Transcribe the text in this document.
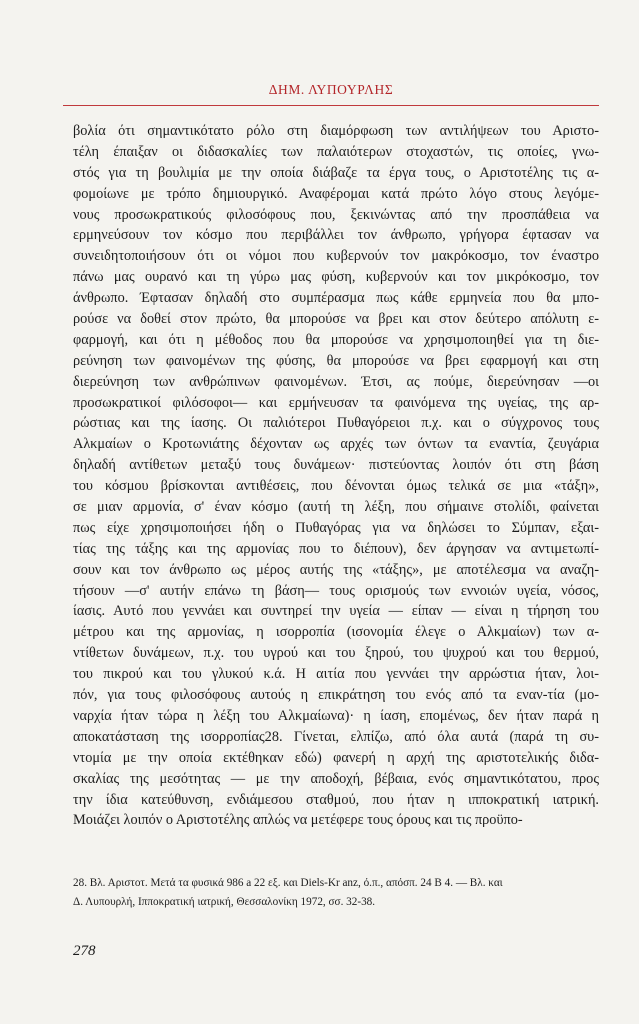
ΔΗΜ. ΛΥΠΟΥΡΛΗΣ
βολία ότι σημαντικότατο ρόλο στη διαμόρφωση των αντιλήψεων του Αριστο-
τέλη έπαιξαν οι διδασκαλίες των παλαιότερων στοχαστών, τις οποίες, γνω-
στός για τη βουλιμία με την οποία διάβαζε τα έργα τους, ο Αριστοτέλης τις α-
φομοίωνε με τρόπο δημιουργικό. Αναφέρομαι κατά πρώτο λόγο στους λεγόμε-
νους προσωκρατικούς φιλοσόφους που, ξεκινώντας από την προσπάθεια να
ερμηνεύσουν τον κόσμο που περιβάλλει τον άνθρωπο, γρήγορα έφτασαν να
συνειδητοποιήσουν ότι οι νόμοι που κυβερνούν τον μακρόκοσμο, τον έναστρο
πάνω μας ουρανό και τη γύρω μας φύση, κυβερνούν και τον μικρόκοσμο, τον
άνθρωπο. Έφτασαν δηλαδή στο συμπέρασμα πως κάθε ερμηνεία που θα μπο-
ρούσε να δοθεί στον πρώτο, θα μπορούσε να βρει και στον δεύτερο απόλυτη ε-
φαρμογή, και ότι η μέθοδος που θα μπορούσε να χρησιμοποιηθεί για τη διε-
ρεύνηση των φαινομένων της φύσης, θα μπορούσε να βρει εφαρμογή και στη
διερεύνηση των ανθρώπινων φαινομένων. Έτσι, ας πούμε, διερεύνησαν —οι
προσωκρατικοί φιλόσοφοι— και ερμήνευσαν τα φαινόμενα της υγείας, της αρ-
ρώστιας και της ίασης. Οι παλιότεροι Πυθαγόρειοι π.χ. και ο σύγχρονος τους
Αλκμαίων ο Κροτωνιάτης δέχονταν ως αρχές των όντων τα εναντία, ζευγάρια
δηλαδή αντίθετων μεταξύ τους δυνάμεων· πιστεύοντας λοιπόν ότι στη βάση
του κόσμου βρίσκονται αντιθέσεις, που δένονται όμως τελικά σε μια «τάξη»,
σε μιαν αρμονία, σ' έναν κόσμο (αυτή τη λέξη, που σήμαινε στολίδι, φαίνεται
πως είχε χρησιμοποιήσει ήδη ο Πυθαγόρας για να δηλώσει το Σύμπαν, εξαι-
τίας της τάξης και της αρμονίας που το διέπουν), δεν άργησαν να αντιμετωπί-
σουν και τον άνθρωπο ως μέρος αυτής της «τάξης», με αποτέλεσμα να αναζη-
τήσουν —σ' αυτήν επάνω τη βάση— τους ορισμούς των εννοιών υγεία, νόσος,
ίασις. Αυτό που γεννάει και συντηρεί την υγεία — είπαν — είναι η τήρηση του
μέτρου και της αρμονίας, η ισορροπία (ισονομία έλεγε ο Αλκμαίων) των α-
ντίθετων δυνάμεων, π.χ. του υγρού και του ξηρού, του ψυχρού και του θερμού,
του πικρού και του γλυκού κ.ά. Η αιτία που γεννάει την αρρώστια ήταν, λοι-
πόν, για τους φιλοσόφους αυτούς η επικράτηση του ενός από τα εναν-τία (μο-
ναρχία ήταν τώρα η λέξη του Αλκμαίωνα)· η ίαση, επομένως, δεν ήταν παρά η
αποκατάσταση της ισορροπίας28. Γίνεται, ελπίζω, από όλα αυτά (παρά τη συ-
ντομία με την οποία εκτέθηκαν εδώ) φανερή η αρχή της αριστοτελικής διδα-
σκαλίας της μεσότητας — με την αποδοχή, βέβαια, ενός σημαντικότατου, προς
την ίδια κατεύθυνση, ενδιάμεσου σταθμού, που ήταν η ιπποκρατική ιατρική.
Μοιάζει λοιπόν ο Αριστοτέλης απλώς να μετέφερε τους όρους και τις προϋπο-
28. Βλ. Αριστοτ. Μετά τα φυσικά 986 a 22 εξ. και Diels-Kr anz, ό.π., απόσπ. 24 Β 4. — Βλ. και
Δ. Λυπουρλή, Ιπποκρατική ιατρική, Θεσσαλονίκη 1972, σσ. 32-38.
278
